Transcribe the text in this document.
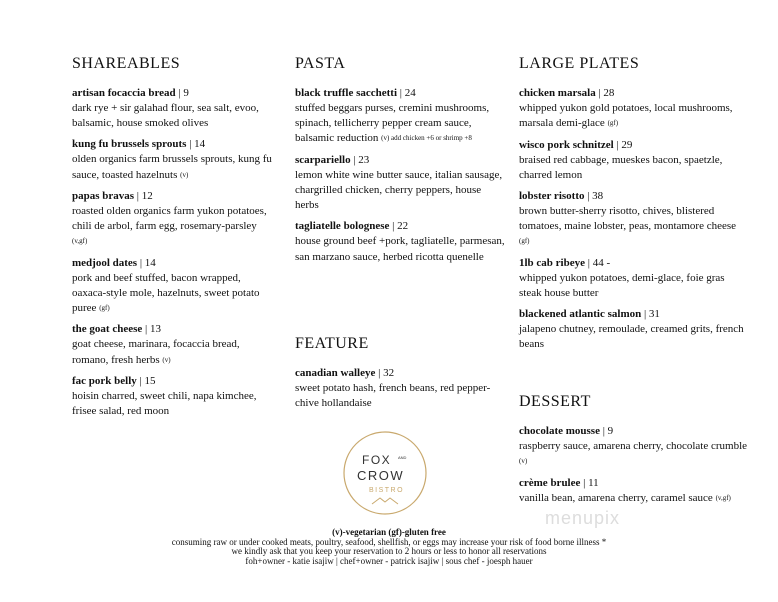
SHAREABLES
artisan focaccia bread | 9
dark rye + sir galahad flour, sea salt, evoo, balsamic, house smoked olives
kung fu brussels sprouts | 14
olden organics farm brussels sprouts, kung fu sauce, toasted hazelnuts (v)
papas bravas | 12
roasted olden organics farm yukon potatoes, chili de arbol, farm egg, rosemary-parsley (v,gf)
medjool dates | 14
pork and beef stuffed, bacon wrapped, oaxaca-style mole, hazelnuts, sweet potato puree (gf)
the goat cheese | 13
goat cheese, marinara, focaccia bread, romano, fresh herbs (v)
fac pork belly | 15
hoisin charred, sweet chili, napa kimchee, frisee salad, red moon
PASTA
black truffle sacchetti | 24
stuffed beggars purses, cremini mushrooms, spinach, tellicherry pepper cream sauce, balsamic reduction (v) add chicken +6 or shrimp +8
scarpariello | 23
lemon white wine butter sauce, italian sausage, chargrilled chicken, cherry peppers, house herbs
tagliatelle bolognese | 22
house ground beef +pork, tagliatelle, parmesan, san marzano sauce, herbed ricotta quenelle
FEATURE
canadian walleye | 32
sweet potato hash, french beans, red pepper-chive hollandaise
LARGE PLATES
chicken marsala | 28
whipped yukon gold potatoes, local mushrooms, marsala demi-glace (gf)
wisco pork schnitzel | 29
braised red cabbage, mueskes bacon, spaetzle, charred lemon
lobster risotto | 38
brown butter-sherry risotto, chives, blistered tomatoes, maine lobster, peas, montamore cheese (gf)
1lb cab ribeye | 44 -
whipped yukon potatoes, demi-glace, foie gras steak house butter
blackened atlantic salmon | 31
jalapeno chutney, remoulade, creamed grits, french beans
DESSERT
chocolate mousse | 9
raspberry sauce, amarena cherry, chocolate crumble (v)
crème brulee | 11
vanilla bean, amarena cherry, caramel sauce (v,gf)
FOX AND
CROW
BISTRO
menupix
(v)-vegetarian (gf)-gluten free
consuming raw or under cooked meats, poultry, seafood, shellfish, or eggs may increase your risk of food borne illness *
we kindly ask that you keep your reservation to 2 hours or less to honor all reservations
foh+owner - katie isajiw | chef+owner - patrick isajiw | sous chef - joesph hauer
